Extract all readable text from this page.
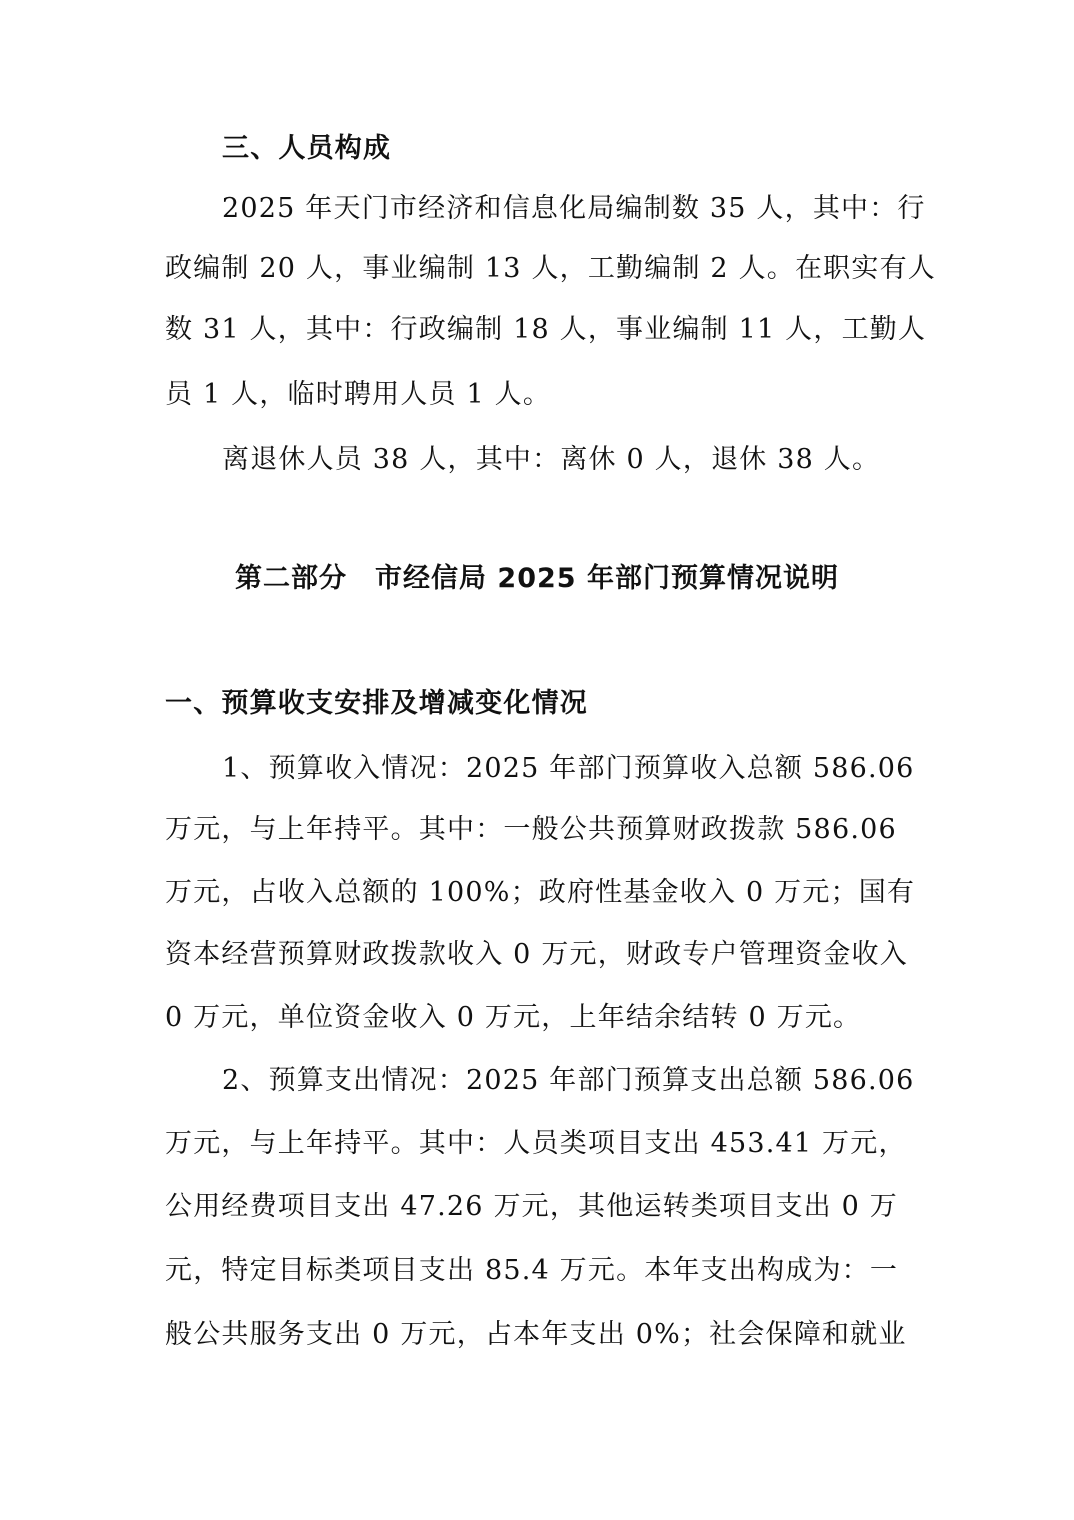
三、人员构成
2025 年天门市经济和信息化局编制数 35 人，其中：行
政编制 20 人，事业编制 13 人，工勤编制 2 人。在职实有人
数 31 人，其中：行政编制 18 人，事业编制 11 人，工勤人
员 1 人，临时聘用人员 1 人。
离退休人员 38 人，其中：离休 0 人，退休 38 人。
第二部分　市经信局 2025 年部门预算情况说明
一、预算收支安排及增减变化情况
1、预算收入情况：2025 年部门预算收入总额 586.06
万元，与上年持平。其中：一般公共预算财政拨款 586.06
万元，占收入总额的 100%；政府性基金收入 0 万元；国有
资本经营预算财政拨款收入 0 万元，财政专户管理资金收入
0 万元，单位资金收入 0 万元，上年结余结转 0 万元。
2、预算支出情况：2025 年部门预算支出总额 586.06
万元，与上年持平。其中：人员类项目支出 453.41 万元，
公用经费项目支出 47.26 万元，其他运转类项目支出 0 万
元，特定目标类项目支出 85.4 万元。本年支出构成为：一
般公共服务支出 0 万元，占本年支出 0%；社会保障和就业
